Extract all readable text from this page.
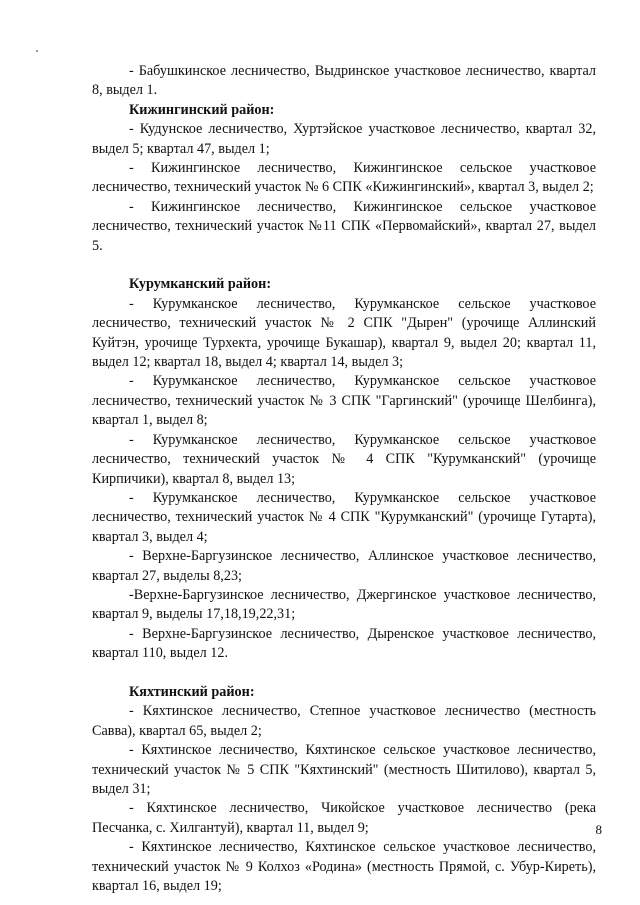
- Бабушкинское лесничество, Выдринское участковое лесничество, квартал 8, выдел 1.

Кижингинский район:

- Кудунское лесничество, Хуртэйское участковое лесничество, квартал 32, выдел 5; квартал 47, выдел 1;

- Кижингинское лесничество, Кижингинское сельское участковое лесничество, технический участок № 6 СПК «Кижингинский», квартал 3, выдел 2;

- Кижингинское лесничество, Кижингинское сельское участковое лесничество, технический участок №11 СПК «Первомайский», квартал 27, выдел 5.

Курумканский район:

- Курумканское лесничество, Курумканское сельское участковое лесничество, технический участок № 2 СПК "Дырен" (урочище Аллинский Куйтэн, урочище Турхекта, урочище Букашар), квартал 9, выдел 20; квартал 11, выдел 12; квартал 18, выдел 4; квартал 14, выдел 3;

- Курумканское лесничество, Курумканское сельское участковое лесничество, технический участок № 3 СПК "Гаргинский" (урочище Шелбинга), квартал 1, выдел 8;

- Курумканское лесничество, Курумканское сельское участковое лесничество, технический участок № 4 СПК "Курумканский" (урочище Кирпичики), квартал 8, выдел 13;

- Курумканское лесничество, Курумканское сельское участковое лесничество, технический участок № 4 СПК "Курумканский" (урочище Гутарта), квартал 3, выдел 4;

- Верхне-Баргузинское лесничество, Аллинское участковое лесничество, квартал 27, выделы 8,23;

-Верхне-Баргузинское лесничество, Джергинское участковое лесничество, квартал 9, выделы 17,18,19,22,31;

- Верхне-Баргузинское лесничество, Дыренское участковое лесничество, квартал 110, выдел 12.

Кяхтинский район:

- Кяхтинское лесничество, Степное участковое лесничество (местность Савва), квартал 65, выдел 2;

- Кяхтинское лесничество, Кяхтинское сельское участковое лесничество, технический участок № 5 СПК "Кяхтинский" (местность Шитилово), квартал 5, выдел 31;

- Кяхтинское лесничество, Чикойское участковое лесничество (река Песчанка, с. Хилгантуй), квартал 11, выдел 9;

- Кяхтинское лесничество, Кяхтинское сельское участковое лесничество, технический участок № 9 Колхоз «Родина» (местность Прямой, с. Убур-Киреть), квартал 16, выдел 19;

8
